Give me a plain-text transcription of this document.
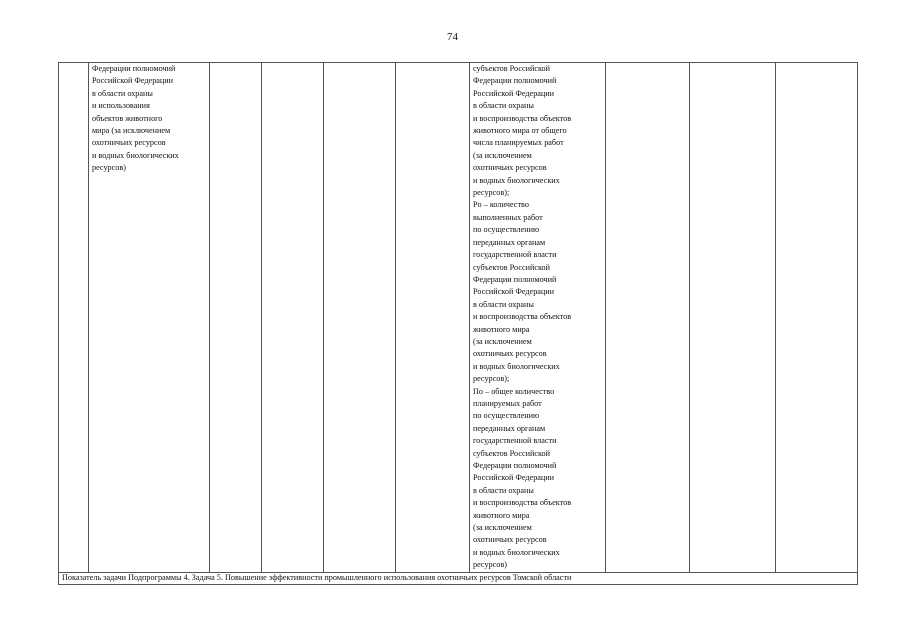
74
	Федерации полномочий
Российской Федерации
в области охраны
и использования
объектов животного
мира (за исключением
охотничьих ресурсов
и водных биологических
ресурсов)					субъектов Российской
Федерации полномочий
Российской Федерации
в области охраны
и воспроизводства объектов
животного мира от общего
числа планируемых работ
(за исключением
охотничьих ресурсов
и водных биологических
ресурсов);
Po – количество
выполненных работ
по осуществлению
переданных органам
государственной власти
субъектов Российской
Федерации полномочий
Российской Федерации
в области охраны
и воспроизводства объектов
животного мира
(за исключением
охотничьих ресурсов
и водных биологических
ресурсов);
По – общее количество
планируемых работ
по осуществлению
переданных органам
государственной власти
субъектов Российской
Федерации полномочий
Российской Федерации
в области охраны
и воспроизводства объектов
животного мира
(за исключением
охотничьих ресурсов
и водных биологических
ресурсов)			
Показатель задачи Подпрограммы 4. Задача 5. Повышение эффективности промышленного использования охотничьих ресурсов Томской области
